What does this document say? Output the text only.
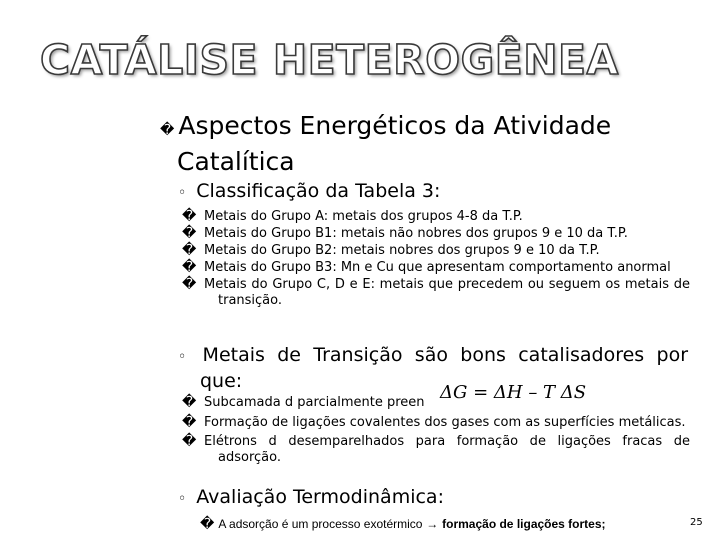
CATÁLISE HETEROGÊNEA
� Aspectos Energéticos da Atividade
Catalítica
◦ Classificação da Tabela 3:
� Metais do Grupo A: metais dos grupos 4-8 da T.P.
� Metais do Grupo B1: metais não nobres dos grupos 9 e 10 da T.P.
� Metais do Grupo B2: metais nobres dos grupos 9 e 10 da T.P.
� Metais do Grupo B3: Mn e Cu que apresentam comportamento anormal
� Metais do Grupo C, D e E: metais que precedem ou seguem os metais de transição.
◦ Metais de Transição são bons catalisadores por
que:
ΔG = ΔH – T ΔS
� Subcamada d parcialmente preen
� Formação de ligações covalentes dos gases com as superfícies metálicas.
� Elétrons d desemparelhados para formação de ligações fracas de adsorção.
◦ Avaliação Termodinâmica:
� A adsorção é um processo exotérmico → formação de ligações fortes;	25
